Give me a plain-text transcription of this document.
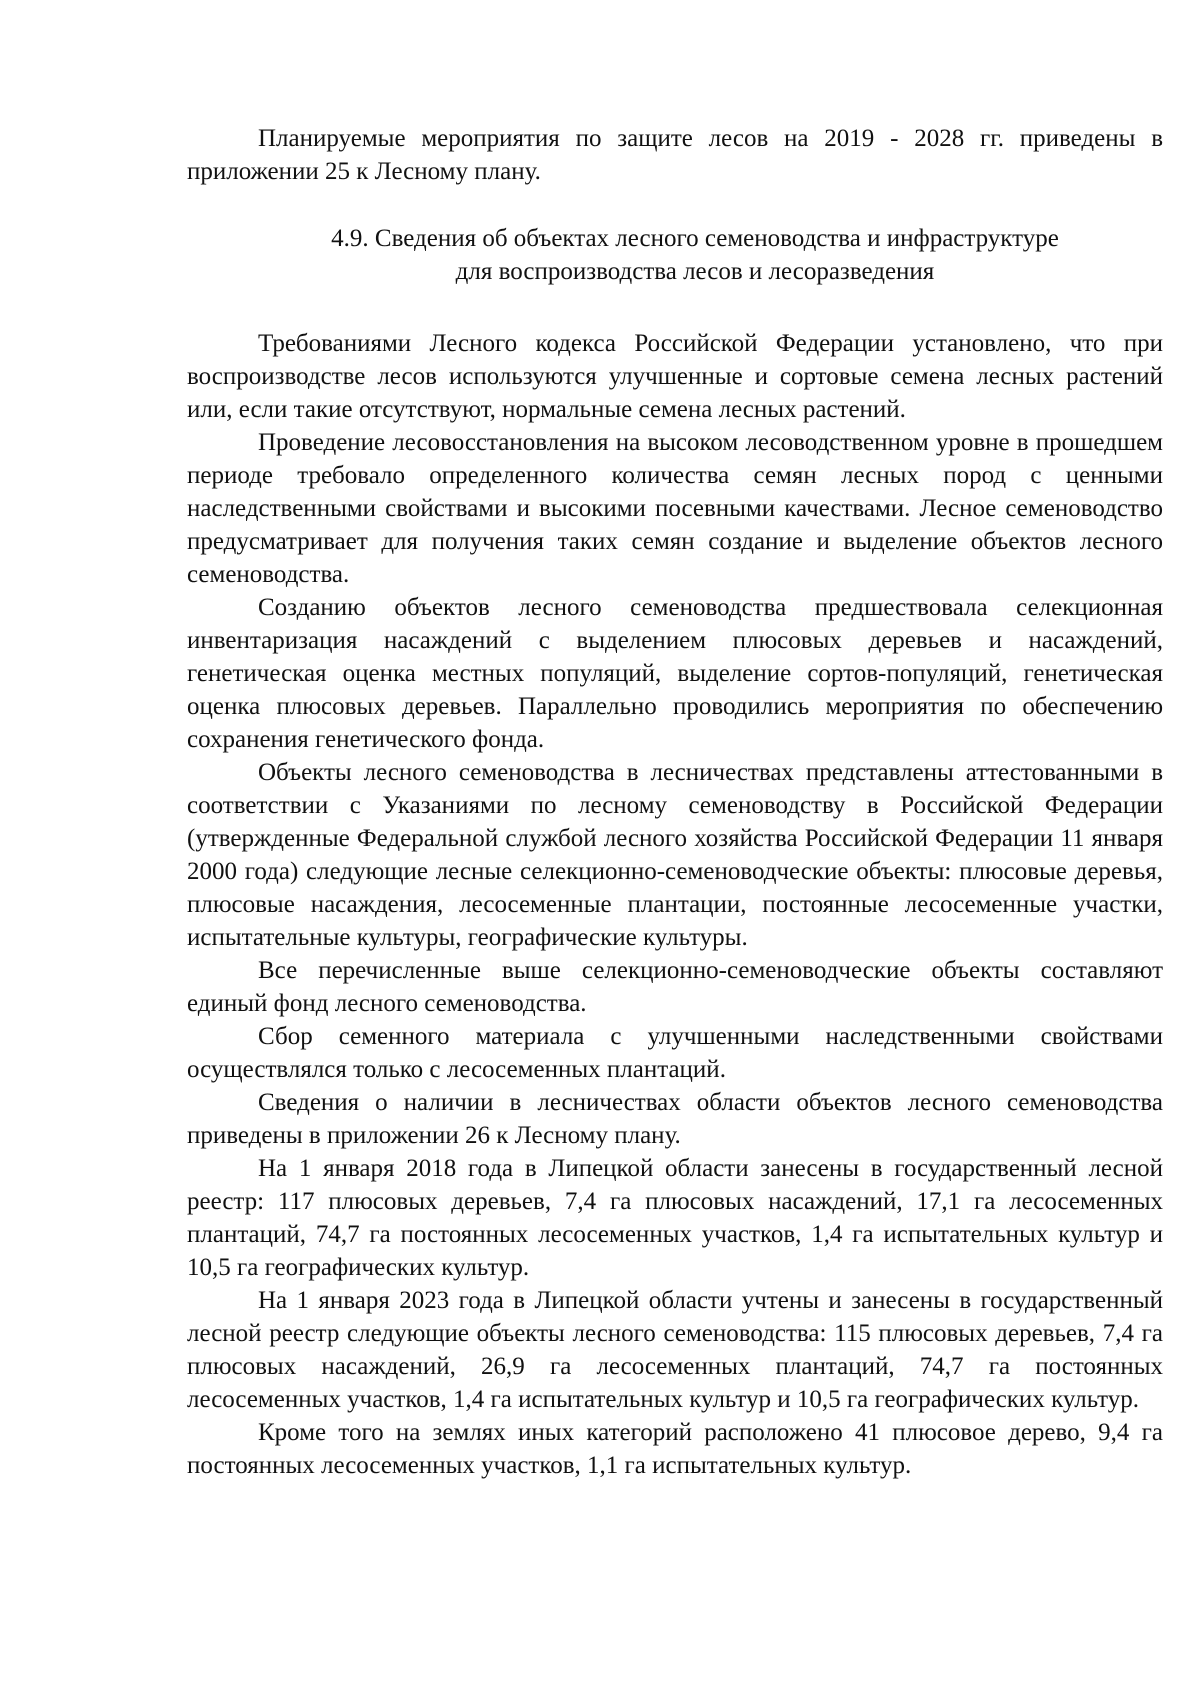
Планируемые мероприятия по защите лесов на 2019 - 2028 гг. приведены в приложении 25 к Лесному плану.

4.9. Сведения об объектах лесного семеноводства и инфраструктуре
для воспроизводства лесов и лесоразведения

Требованиями Лесного кодекса Российской Федерации установлено, что при воспроизводстве лесов используются улучшенные и сортовые семена лесных растений или, если такие отсутствуют, нормальные семена лесных растений.

Проведение лесовосстановления на высоком лесоводственном уровне в прошедшем периоде требовало определенного количества семян лесных пород с ценными наследственными свойствами и высокими посевными качествами. Лесное семеноводство предусматривает для получения таких семян создание и выделение объектов лесного семеноводства.

Созданию объектов лесного семеноводства предшествовала селекционная инвентаризация насаждений с выделением плюсовых деревьев и насаждений, генетическая оценка местных популяций, выделение сортов-популяций, генетическая оценка плюсовых деревьев. Параллельно проводились мероприятия по обеспечению сохранения генетического фонда.

Объекты лесного семеноводства в лесничествах представлены аттестованными в соответствии с Указаниями по лесному семеноводству в Российской Федерации (утвержденные Федеральной службой лесного хозяйства Российской Федерации 11 января 2000 года) следующие лесные селекционно-семеноводческие объекты: плюсовые деревья, плюсовые насаждения, лесосеменные плантации, постоянные лесосеменные участки, испытательные культуры, географические культуры.

Все перечисленные выше селекционно-семеноводческие объекты составляют единый фонд лесного семеноводства.

Сбор семенного материала с улучшенными наследственными свойствами осуществлялся только с лесосеменных плантаций.

Сведения о наличии в лесничествах области объектов лесного семеноводства приведены в приложении 26 к Лесному плану.

На 1 января 2018 года в Липецкой области занесены в государственный лесной реестр: 117 плюсовых деревьев, 7,4 га плюсовых насаждений, 17,1 га лесосеменных плантаций, 74,7 га постоянных лесосеменных участков, 1,4 га испытательных культур и 10,5 га географических культур.

На 1 января 2023 года в Липецкой области учтены и занесены в государственный лесной реестр следующие объекты лесного семеноводства: 115 плюсовых деревьев, 7,4 га плюсовых насаждений, 26,9 га лесосеменных плантаций, 74,7 га постоянных лесосеменных участков, 1,4 га испытательных культур и 10,5 га географических культур.

Кроме того на землях иных категорий расположено 41 плюсовое дерево, 9,4 га постоянных лесосеменных участков, 1,1 га испытательных культур.
